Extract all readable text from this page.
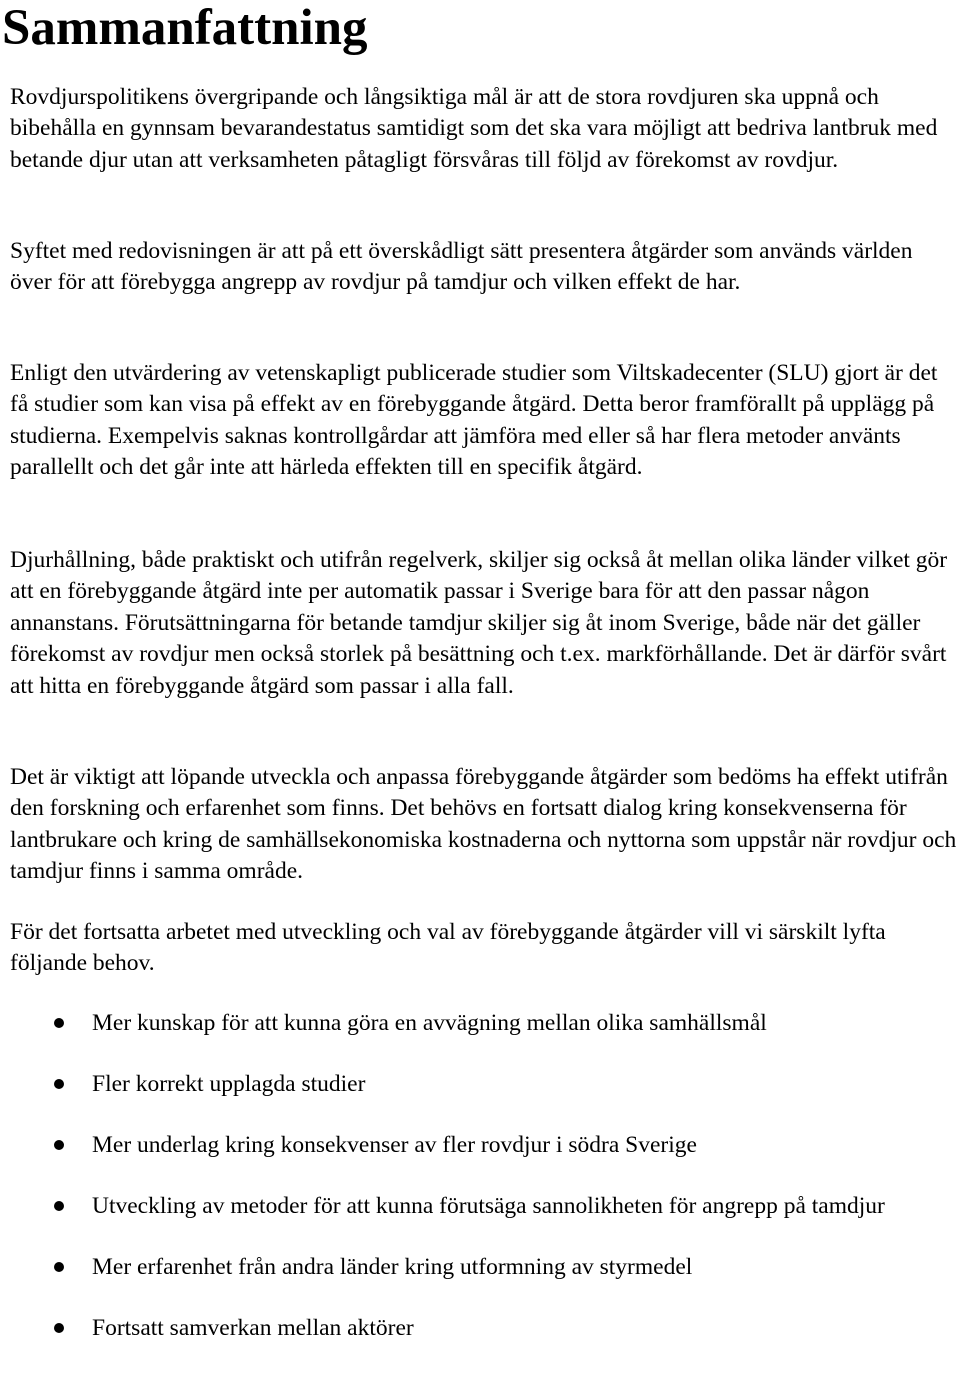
Sammanfattning

Rovdjurspolitikens övergripande och långsiktiga mål är att de stora rovdjuren ska uppnå och bibehålla en gynnsam bevarandestatus samtidigt som det ska vara möjligt att bedriva lantbruk med betande djur utan att verksamheten påtagligt försvåras till följd av förekomst av rovdjur.

Syftet med redovisningen är att på ett överskådligt sätt presentera åtgärder som används världen över för att förebygga angrepp av rovdjur på tamdjur och vilken effekt de har.

Enligt den utvärdering av vetenskapligt publicerade studier som Viltskadecenter (SLU) gjort är det få studier som kan visa på effekt av en förebyggande åtgärd. Detta beror framförallt på upplägg på studierna. Exempelvis saknas kontrollgårdar att jämföra med eller så har flera metoder använts parallellt och det går inte att härleda effekten till en specifik åtgärd.

Djurhållning, både praktiskt och utifrån regelverk, skiljer sig också åt mellan olika länder vilket gör att en förebyggande åtgärd inte per automatik passar i Sverige bara för att den passar någon annanstans. Förutsättningarna för betande tamdjur skiljer sig åt inom Sverige, både när det gäller förekomst av rovdjur men också storlek på besättning och t.ex. markförhållande. Det är därför svårt att hitta en förebyggande åtgärd som passar i alla fall.

Det är viktigt att löpande utveckla och anpassa förebyggande åtgärder som bedöms ha effekt utifrån den forskning och erfarenhet som finns. Det behövs en fortsatt dialog kring konsekvenserna för lantbrukare och kring de samhällsekonomiska kostnaderna och nyttorna som uppstår när rovdjur och tamdjur finns i samma område.

För det fortsatta arbetet med utveckling och val av förebyggande åtgärder vill vi särskilt lyfta följande behov.

Mer kunskap för att kunna göra en avvägning mellan olika samhällsmål
Fler korrekt upplagda studier
Mer underlag kring konsekvenser av fler rovdjur i södra Sverige
Utveckling av metoder för att kunna förutsäga sannolikheten för angrepp på tamdjur
Mer erfarenhet från andra länder kring utformning av styrmedel
Fortsatt samverkan mellan aktörer
